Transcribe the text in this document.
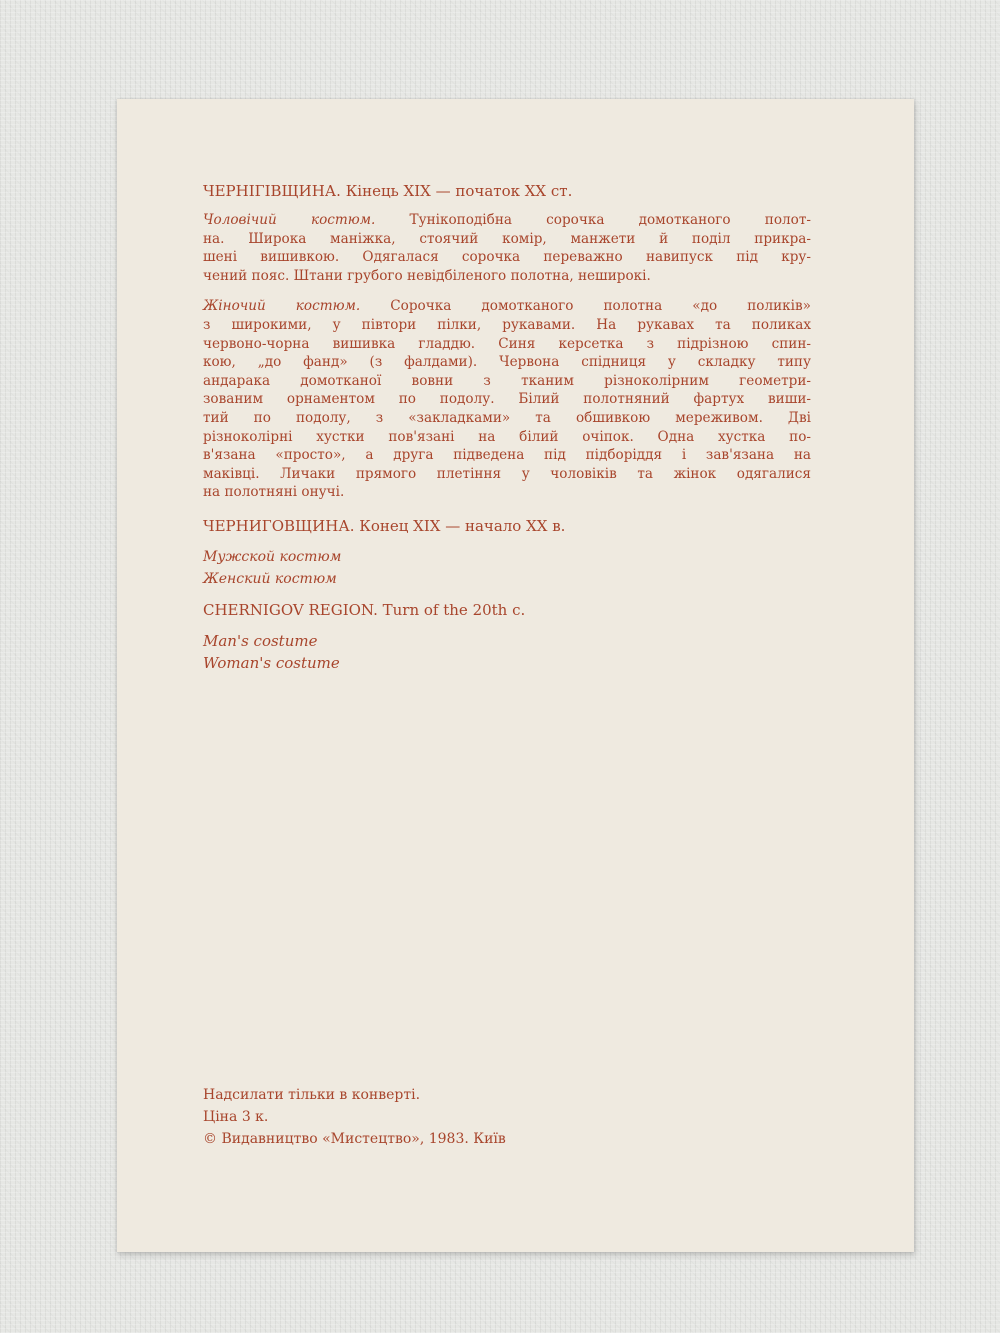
ЧЕРНІГІВЩИНА. Кінець XIX — початок XX ст.
Чоловічий костюм.	Тунікоподібна сорочка домотканого полот-
на. Широка маніжка, стоячий комір, манжети й поділ прикра-
шені вишивкою. Одягалася сорочка переважно навипуск під кру-
чений пояс. Штани грубого невідбіленого полотна, неширокі.
Жіночий костюм. Сорочка домотканого полотна «до поликів»
з широкими, у півтори пілки, рукавами. На рукавах та поликах
червоно-чорна вишивка гладдю. Синя керсетка з підрізною спин-
кою, „до фанд» (з фалдами). Червона спідниця у складку типу
андарака домотканої вовни з тканим різноколірним геометри-
зованим орнаментом по подолу. Білий полотняний фартух виши-
тий по подолу, з «закладками» та обшивкою мереживом. Дві
різноколірні хустки пов'язані на білий очіпок. Одна хустка по-
в'язана «просто», а друга підведена під підборіддя і зав'язана на
маківці. Личаки прямого плетіння у чоловіків та жінок одягалися
на полотняні онучі.
ЧЕРНИГОВЩИНА. Конец XIX — начало XX в.
Мужской костюм
Женский костюм
CHERNIGOV REGION. Turn of the 20th c.
Man's costume
Woman's costume
Надсилати тільки в конверті.
Ціна 3 к.
© Видавництво «Мистецтво», 1983. Київ
